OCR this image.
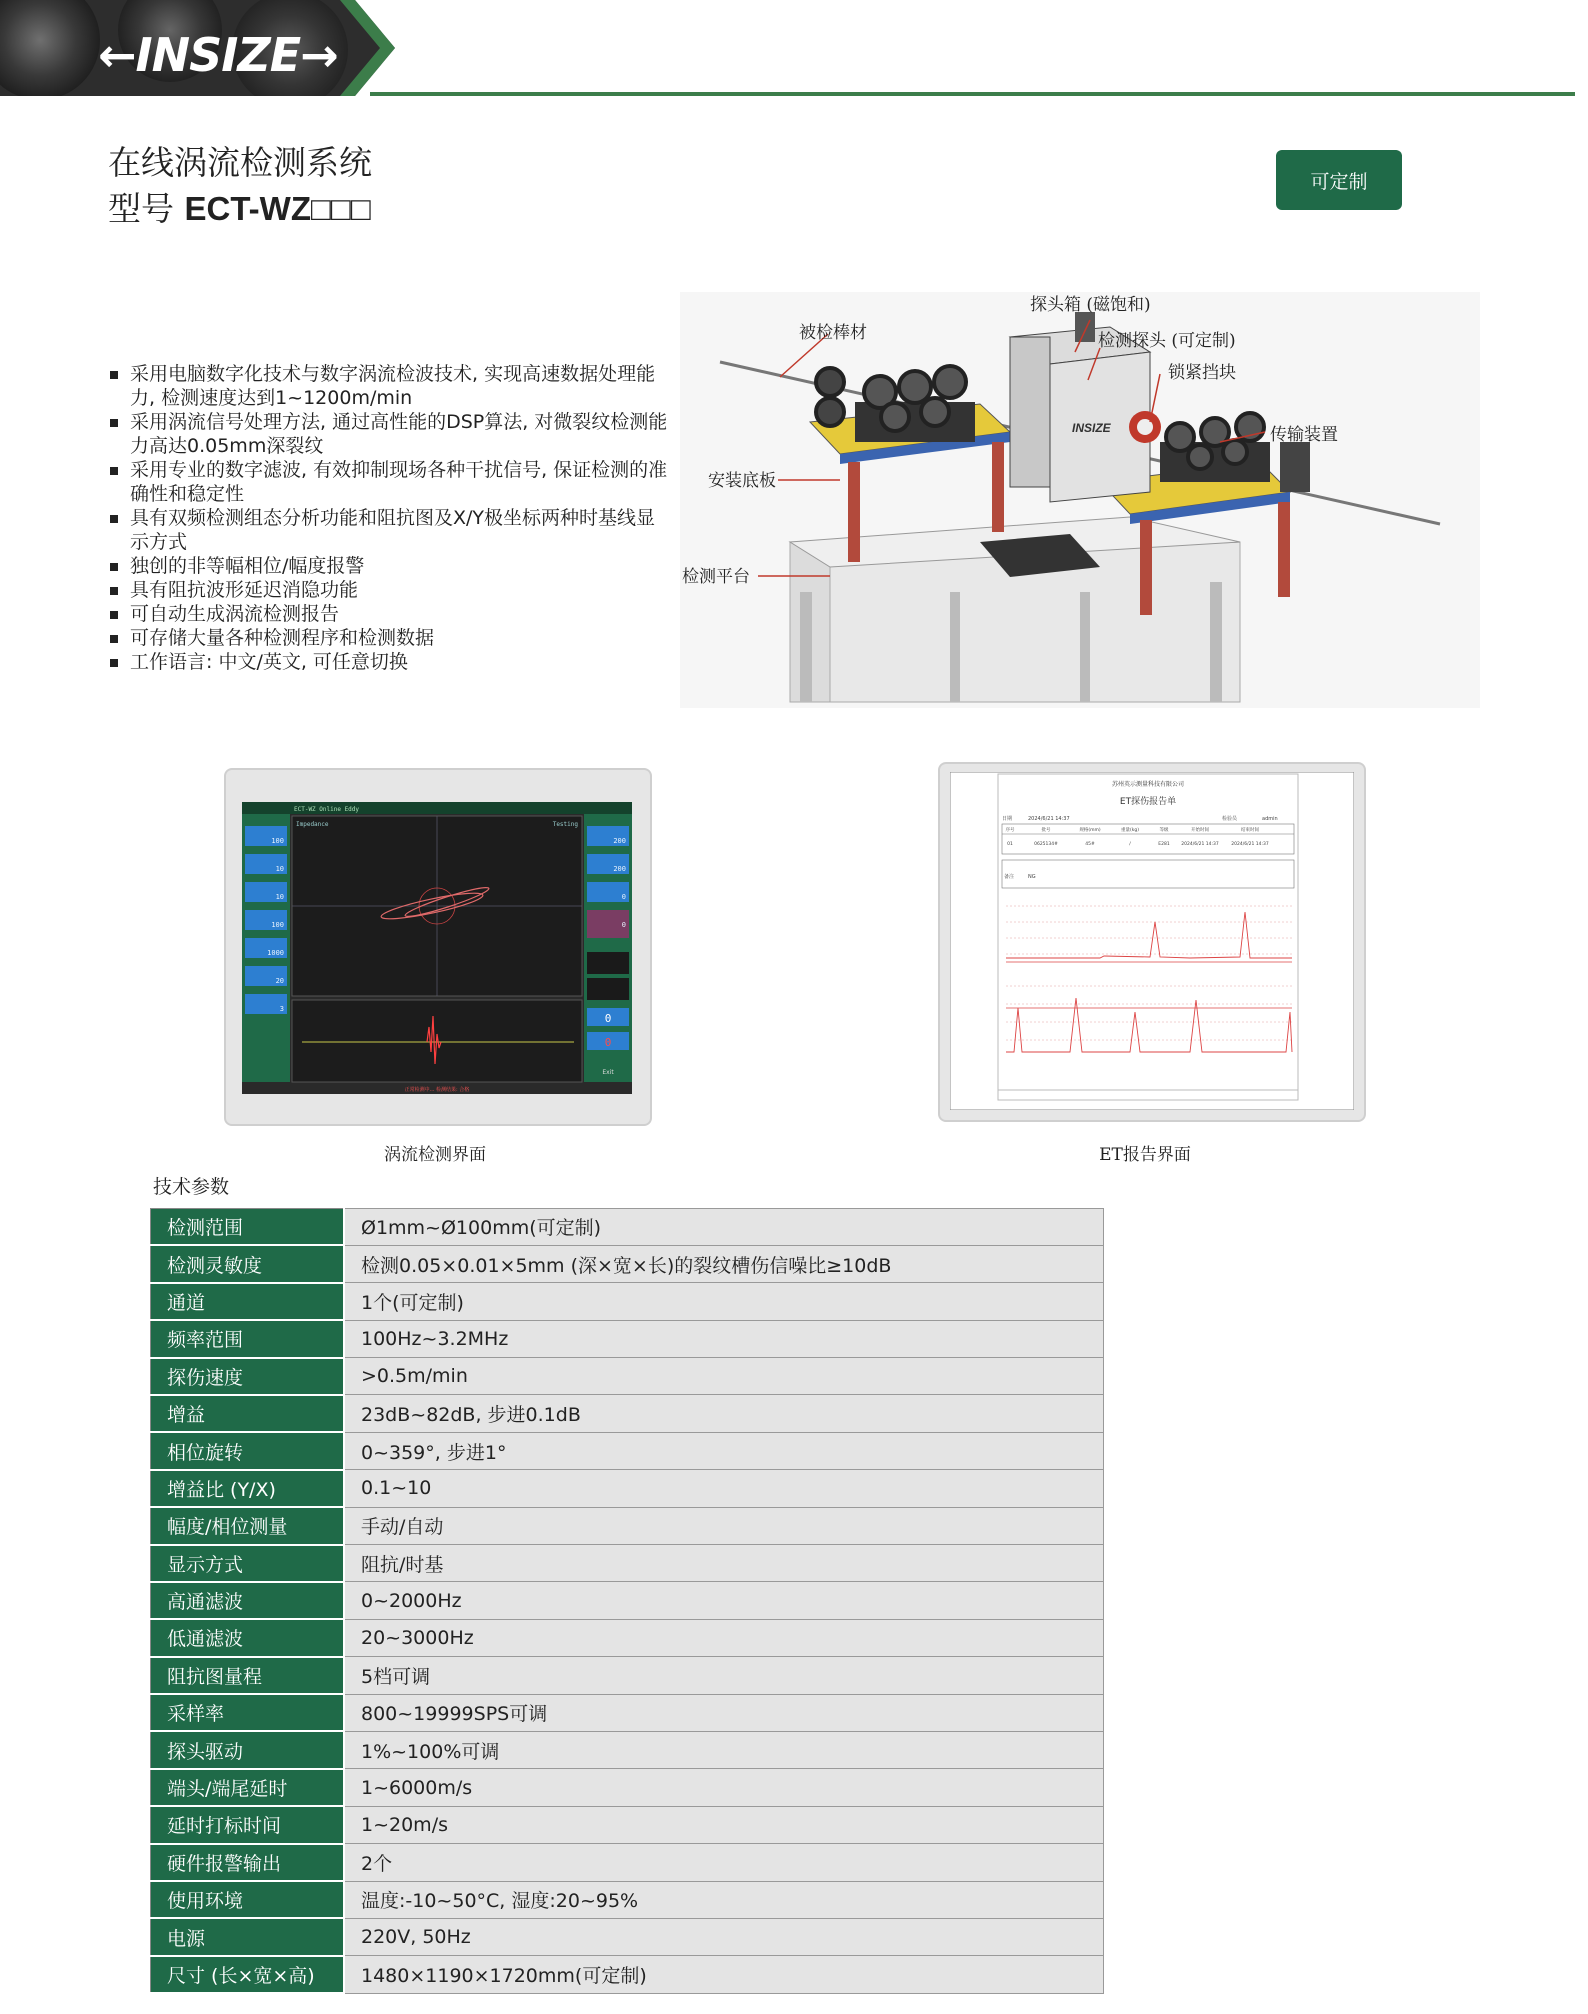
←INSIZE→
在线涡流检测系统
型号 ECT-WZ□□□
可定制
采用电脑数字化技术与数字涡流检波技术, 实现高速数据处理能力, 检测速度达到1~1200m/min
采用涡流信号处理方法, 通过高性能的DSP算法, 对微裂纹检测能力高达0.05mm深裂纹
采用专业的数字滤波, 有效抑制现场各种干扰信号, 保证检测的准确性和稳定性
具有双频检测组态分析功能和阻抗图及X/Y极坐标两种时基线显示方式
独创的非等幅相位/幅度报警
具有阻抗波形延迟消隐功能
可自动生成涡流检测报告
可存储大量各种检测程序和检测数据
工作语言: 中文/英文, 可任意切换
INSIZE
探头箱 (磁饱和)
被检棒材	检测探头 (可定制)
锁紧挡块
传输装置
安装底板
检测平台
ECT-WZ Online Eddy
100
10
10
100
1000
20
3
200
200
0
0
0
0
Exit
Impedance	Testing
正常检测中... 检测结果: 合格
涡流检测界面
苏州英示测量科技有限公司
ET探伤报告单
日期	2024/6/21 14:37	检验员	admin
序号	批号	规格(mm)	重量(kg)	等级	开始时间	结束时间
01	0625134#	45#	/	E281	2024/6/21 14:37	2024/6/21 14:37
备注	NG
ET报告界面
技术参数
检测范围	Ø1mm~Ø100mm(可定制)
检测灵敏度	检测0.05×0.01×5mm (深×宽×长)的裂纹槽伤信噪比≥10dB
通道	1个(可定制)
频率范围	100Hz~3.2MHz
探伤速度	>0.5m/min
增益	23dB~82dB, 步进0.1dB
相位旋转	0~359°, 步进1°
增益比 (Y/X)	0.1~10
幅度/相位测量	手动/自动
显示方式	阻抗/时基
高通滤波	0~2000Hz
低通滤波	20~3000Hz
阻抗图量程	5档可调
采样率	800~19999SPS可调
探头驱动	1%~100%可调
端头/端尾延时	1~6000m/s
延时打标时间	1~20m/s
硬件报警输出	2个
使用环境	温度:-10~50°C, 湿度:20~95%
电源	220V, 50Hz
尺寸 (长×宽×高)	1480×1190×1720mm(可定制)
